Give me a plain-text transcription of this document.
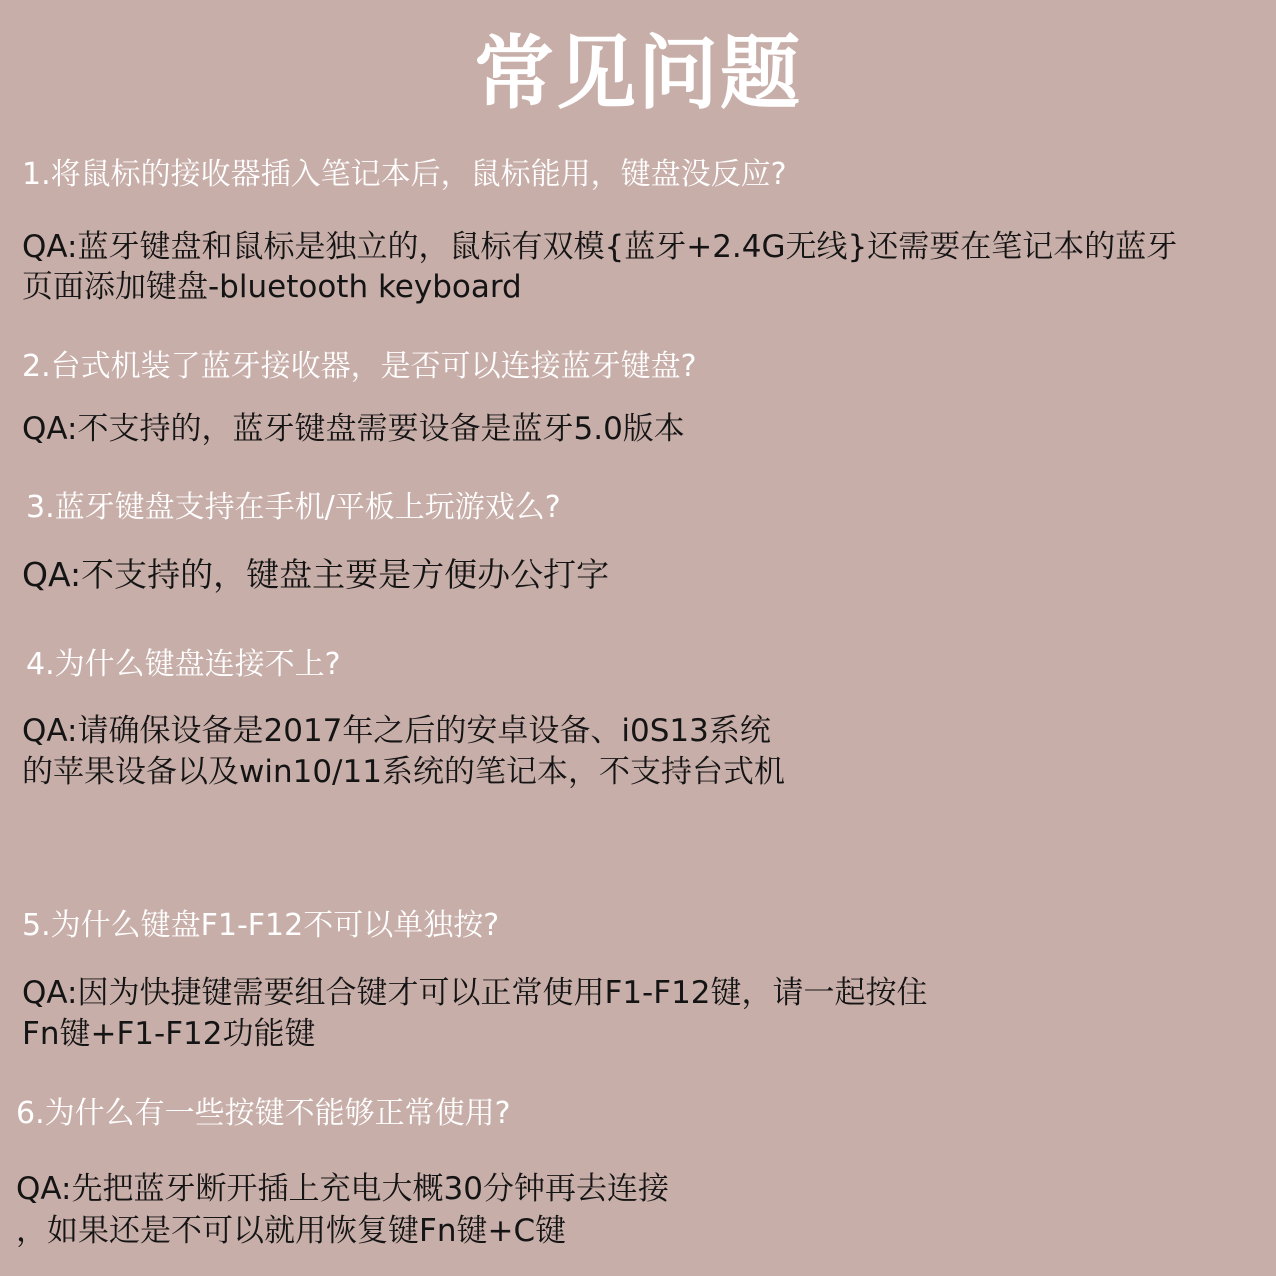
常见问题
1.将鼠标的接收器插入笔记本后，鼠标能用，键盘没反应?
QA:蓝牙键盘和鼠标是独立的，鼠标有双模{蓝牙+2.4G无线}还需要在笔记本的蓝牙
页面添加键盘-bluetooth keyboard
2.台式机装了蓝牙接收器，是否可以连接蓝牙键盘?
QA:不支持的，蓝牙键盘需要设备是蓝牙5.0版本
3.蓝牙键盘支持在手机/平板上玩游戏么?
QA:不支持的，键盘主要是方便办公打字
4.为什么键盘连接不上?
QA:请确保设备是2017年之后的安卓设备、i0S13系统
的苹果设备以及win10/11系统的笔记本，不支持台式机
5.为什么键盘F1-F12不可以单独按?
QA:因为快捷键需要组合键才可以正常使用F1-F12键，请一起按住
Fn键+F1-F12功能键
6.为什么有一些按键不能够正常使用?
QA:先把蓝牙断开插上充电大概30分钟再去连接
，如果还是不可以就用恢复键Fn键+C键
